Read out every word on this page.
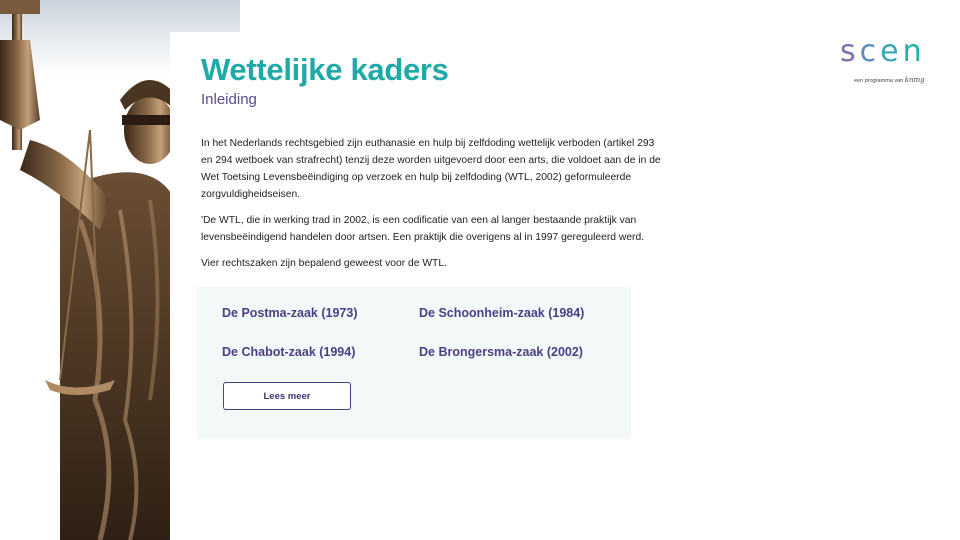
Wettelijke kaders
Inleiding

In het Nederlands rechtsgebied zijn euthanasie en hulp bij zelfdoding wettelijk verboden (artikel 293 en 294 wetboek van strafrecht) tenzij deze worden uitgevoerd door een arts, die voldoet aan de in de Wet Toetsing Levensbeëindiging op verzoek en hulp bij zelfdoding (WTL, 2002) geformuleerde zorgvuldigheidseisen.

'De WTL, die in werking trad in 2002, is een codificatie van een al langer bestaande praktijk van levensbeëindigend handelen door artsen. Een praktijk die overigens al in 1997 gereguleerd werd.

Vier rechtszaken zijn bepalend geweest voor de WTL.

De Postma-zaak (1973)	De Schoonheim-zaak (1984)
De Chabot-zaak (1994)	De Brongersma-zaak (2002)
Lees meer
scen
een programma van knmg
